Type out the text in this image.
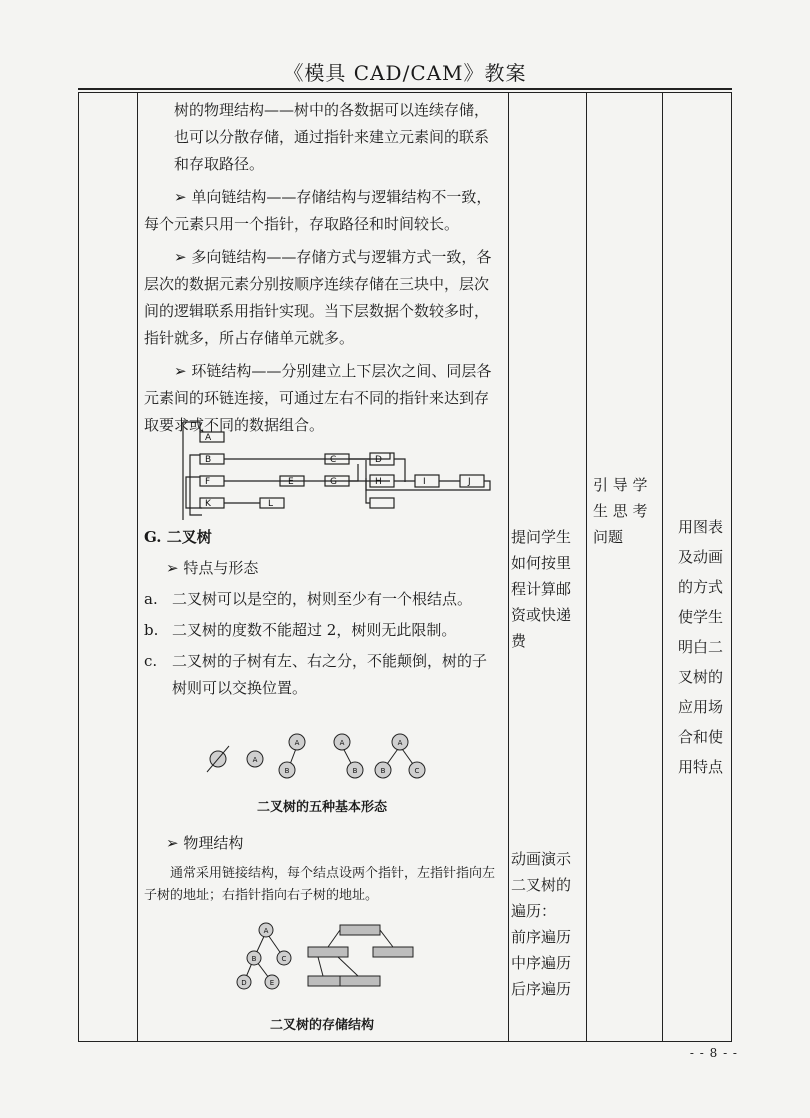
《模具 CAD/CAM》教案

树的物理结构——树中的各数据可以连续存储，也可以分散存储，通过指针来建立元素间的联系和存取路径。

➢ 单向链结构——存储结构与逻辑结构不一致，每个元素只用一个指针，存取路径和时间较长。

➢ 多向链结构——存储方式与逻辑方式一致，各层次的数据元素分别按顺序连续存储在三块中，层次间的逻辑联系用指针实现。当下层数据个数较多时，指针就多，所占存储单元就多。

➢ 环链结构——分别建立上下层次之间、同层各元素间的环链连接，可通过左右不同的指针来达到存取要求或不同的数据组合。

A
B	C	D
E
F	G	H	I	J
K	L

G. 二叉树

➢ 特点与形态

a. 二叉树可以是空的，树则至少有一个根结点。
b. 二叉树的度数不能超过 2，树则无此限制。
c. 二叉树的子树有左、右之分，不能颠倒，树的子树则可以交换位置。
A
A
B
A
B
A
B	C
二叉树的五种基本形态

➢ 物理结构

通常采用链接结构，每个结点设两个指针，左指针指向左子树的地址；右指针指向右子树的地址。

A
B	C
D	E
二叉树的存储结构
提问学生
如何按里
程计算邮
资或快递
费
动画演示
二叉树的
遍历：
前序遍历
中序遍历
后序遍历
引 导 学
生 思 考
问题
用图表
及动画
的方式
使学生
明白二
叉树的
应用场
合和使
用特点
- - 8 - -
